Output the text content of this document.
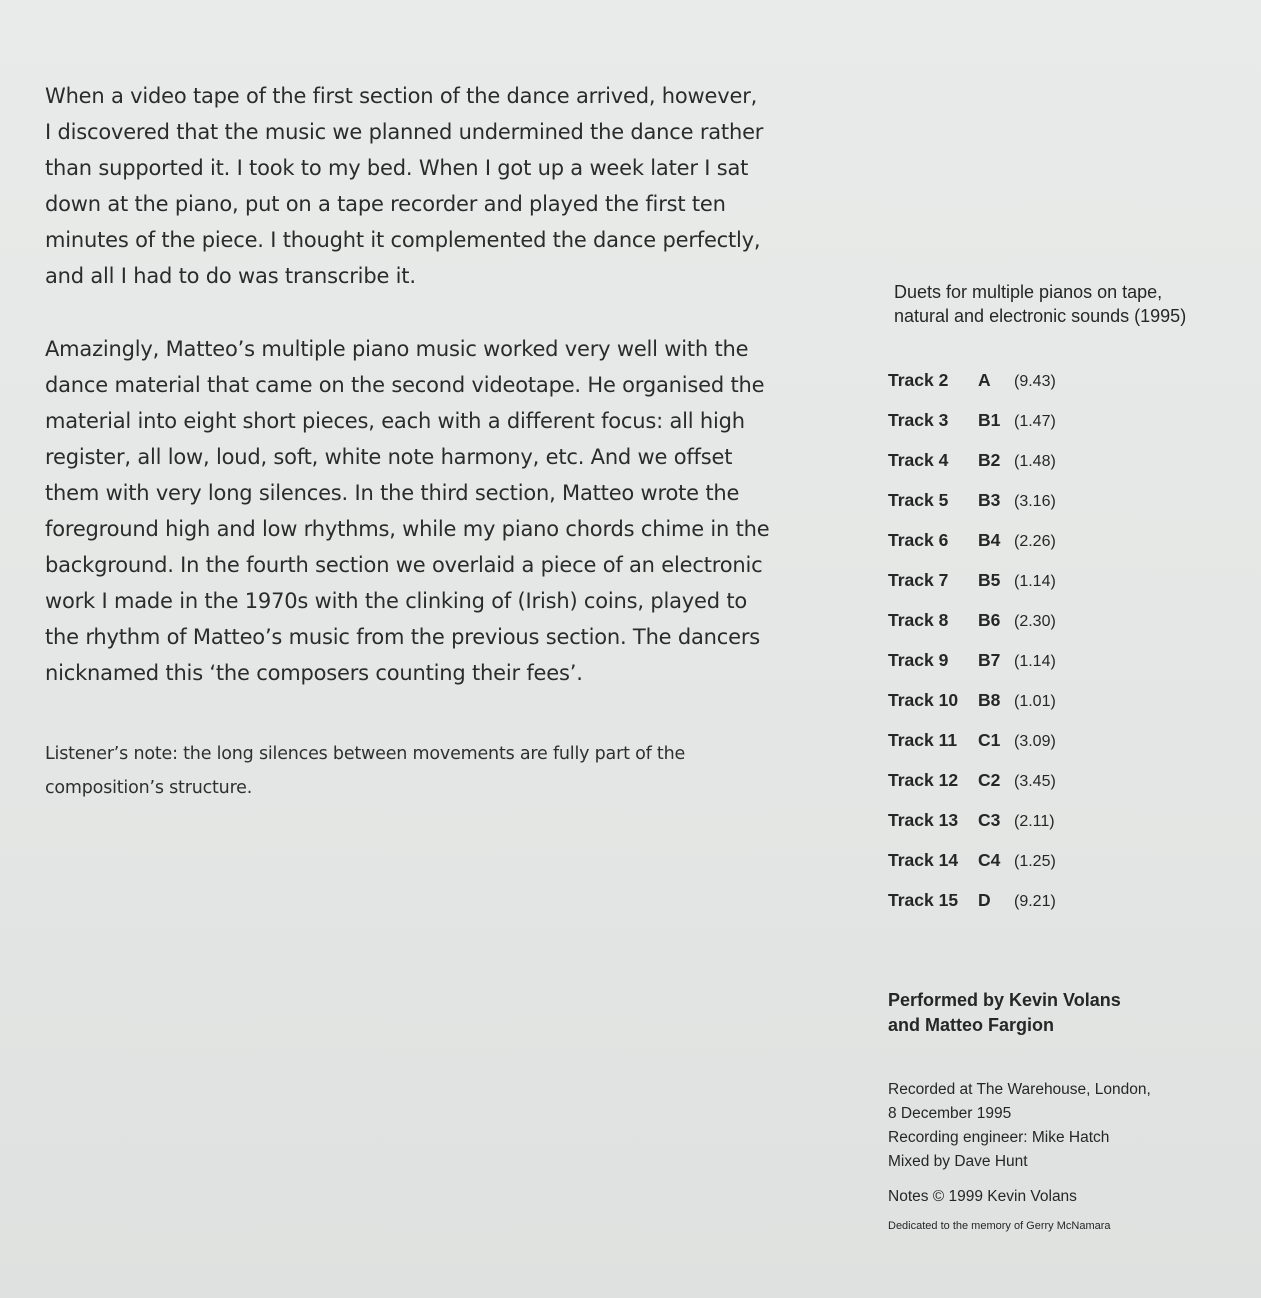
When a video tape of the first section of the dance arrived, however,
I discovered that the music we planned undermined the dance rather
than supported it. I took to my bed. When I got up a week later I sat
down at the piano, put on a tape recorder and played the first ten
minutes of the piece. I thought it complemented the dance perfectly,
and all I had to do was transcribe it.

Amazingly, Matteo’s multiple piano music worked very well with the
dance material that came on the second videotape. He organised the
material into eight short pieces, each with a different focus: all high
register, all low, loud, soft, white note harmony, etc. And we offset
them with very long silences. In the third section, Matteo wrote the
foreground high and low rhythms, while my piano chords chime in the
background. In the fourth section we overlaid a piece of an electronic
work I made in the 1970s with the clinking of (Irish) coins, played to
the rhythm of Matteo’s music from the previous section. The dancers
nicknamed this ‘the composers counting their fees’.

Listener’s note: the long silences between movements are fully part of the
composition’s structure.

Duets for multiple pianos on tape,
natural and electronic sounds (1995)

Track 2	A	(9.43)
Track 3	B1 (1.47)
Track 4	B2 (1.48)
Track 5	B3 (3.16)
Track 6	B4 (2.26)
Track 7	B5 (1.14)
Track 8	B6 (2.30)
Track 9	B7 (1.14)
Track 10	B8 (1.01)
Track 11	C1 (3.09)
Track 12	C2 (3.45)
Track 13	C3 (2.11)
Track 14	C4 (1.25)
Track 15	D	(9.21)
Performed by Kevin Volans
and Matteo Fargion
Recorded at The Warehouse, London,
8 December 1995
Recording engineer: Mike Hatch
Mixed by Dave Hunt
Notes © 1999 Kevin Volans
Dedicated to the memory of Gerry McNamara
